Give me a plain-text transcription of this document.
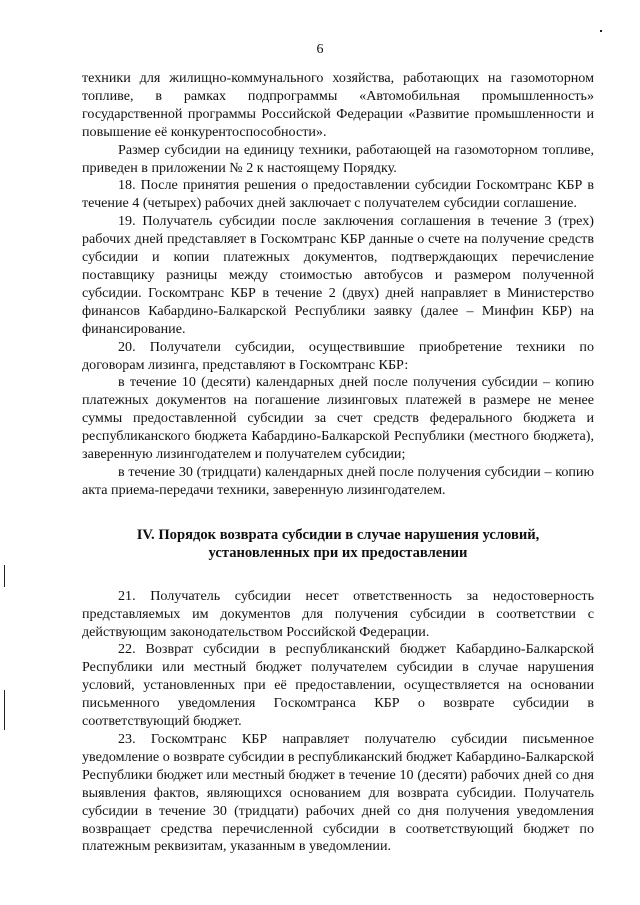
6

техники для жилищно-коммунального хозяйства, работающих на газомоторном топливе, в рамках подпрограммы «Автомобильная промышленность» государственной программы Российской Федерации «Развитие промышленности и повышение её конкурентоспособности».

Размер субсидии на единицу техники, работающей на газомоторном топливе, приведен в приложении № 2 к настоящему Порядку.

18. После принятия решения о предоставлении субсидии Госкомтранс КБР в течение 4 (четырех) рабочих дней заключает с получателем субсидии соглашение.

19. Получатель субсидии после заключения соглашения в течение 3 (трех) рабочих дней представляет в Госкомтранс КБР данные о счете на получение средств субсидии и копии платежных документов, подтверждающих перечисление поставщику разницы между стоимостью автобусов и размером полученной субсидии. Госкомтранс КБР в течение 2 (двух) дней направляет в Министерство финансов Кабардино-Балкарской Республики заявку (далее – Минфин КБР) на финансирование.

20. Получатели субсидии, осуществившие приобретение техники по договорам лизинга, представляют в Госкомтранс КБР:

в течение 10 (десяти) календарных дней после получения субсидии – копию платежных документов на погашение лизинговых платежей в размере не менее суммы предоставленной субсидии за счет средств федерального бюджета и республиканского бюджета Кабардино-Балкарской Республики (местного бюджета), заверенную лизингодателем и получателем субсидии;

в течение 30 (тридцати) календарных дней после получения субсидии – копию акта приема-передачи техники, заверенную лизингодателем.

IV. Порядок возврата субсидии в случае нарушения условий,
установленных при их предоставлении

21. Получатель субсидии несет ответственность за недостоверность представляемых им документов для получения субсидии в соответствии с действующим законодательством Российской Федерации.

22. Возврат субсидии в республиканский бюджет Кабардино-Балкарской Республики или местный бюджет получателем субсидии в случае нарушения условий, установленных при её предоставлении, осуществляется на основании письменного уведомления Госкомтранса КБР о возврате субсидии в соответствующий бюджет.

23. Госкомтранс КБР направляет получателю субсидии письменное уведомление о возврате субсидии в республиканский бюджет Кабардино-Балкарской Республики бюджет или местный бюджет в течение 10 (десяти) рабочих дней со дня выявления фактов, являющихся основанием для возврата субсидии. Получатель субсидии в течение 30 (тридцати) рабочих дней со дня получения уведомления возвращает средства перечисленной субсидии в соответствующий бюджет по платежным реквизитам, указанным в уведомлении.
